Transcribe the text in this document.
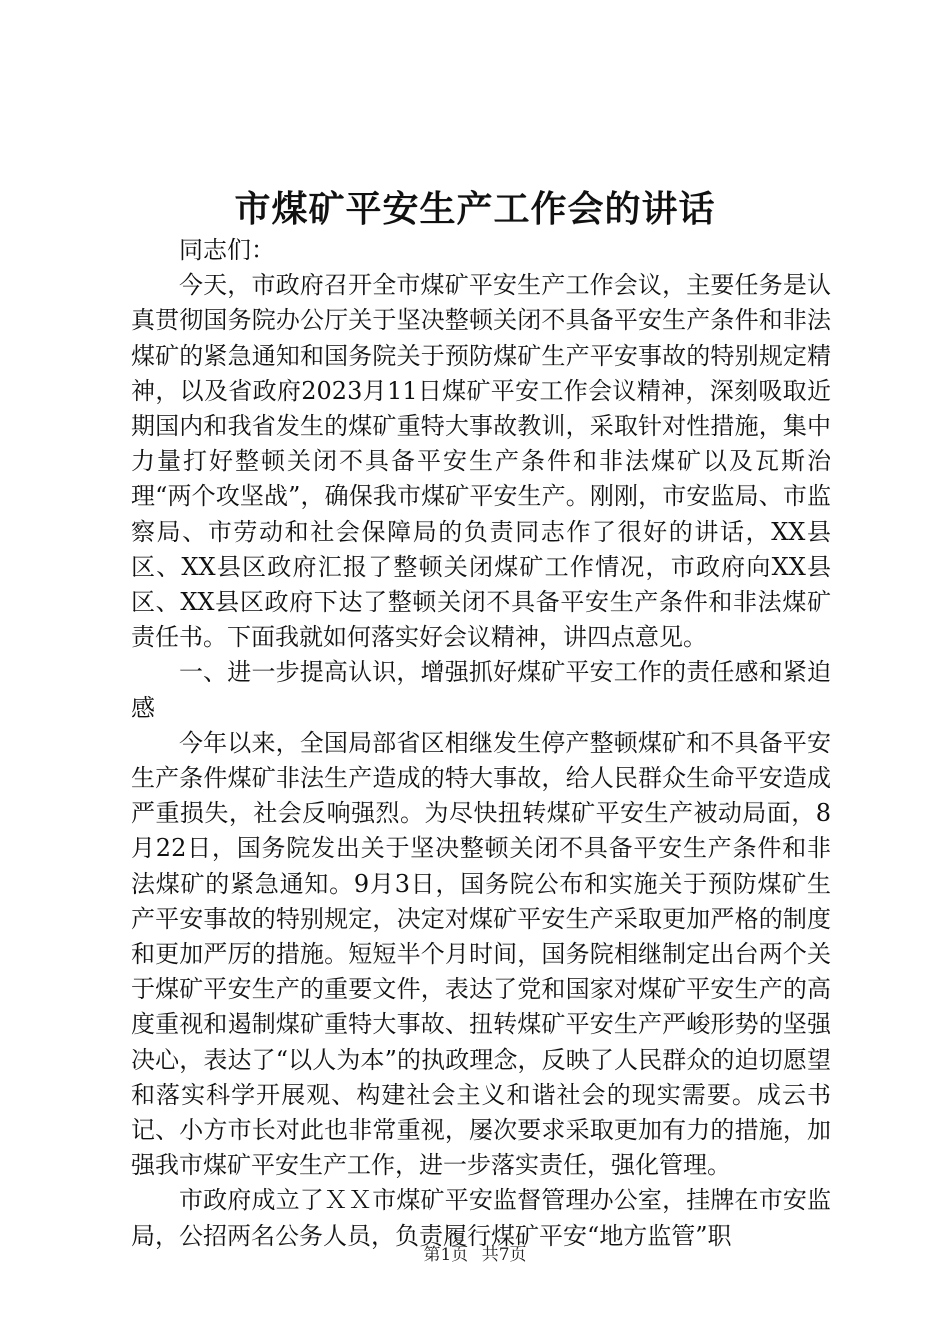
市煤矿平安生产工作会的讲话

同志们：

今天，市政府召开全市煤矿平安生产工作会议，主要任务是认真贯彻国务院办公厅关于坚决整顿关闭不具备平安生产条件和非法煤矿的紧急通知和国务院关于预防煤矿生产平安事故的特别规定精神，以及省政府2023月11日煤矿平安工作会议精神，深刻吸取近期国内和我省发生的煤矿重特大事故教训，采取针对性措施，集中力量打好整顿关闭不具备平安生产条件和非法煤矿以及瓦斯治理“两个攻坚战”，确保我市煤矿平安生产。刚刚，市安监局、市监察局、市劳动和社会保障局的负责同志作了很好的讲话，XX县区、XX县区政府汇报了整顿关闭煤矿工作情况，市政府向XX县区、XX县区政府下达了整顿关闭不具备平安生产条件和非法煤矿责任书。下面我就如何落实好会议精神，讲四点意见。

一、进一步提高认识，增强抓好煤矿平安工作的责任感和紧迫感

今年以来，全国局部省区相继发生停产整顿煤矿和不具备平安生产条件煤矿非法生产造成的特大事故，给人民群众生命平安造成严重损失，社会反响强烈。为尽快扭转煤矿平安生产被动局面，8月22日，国务院发出关于坚决整顿关闭不具备平安生产条件和非法煤矿的紧急通知。9月3日，国务院公布和实施关于预防煤矿生产平安事故的特别规定，决定对煤矿平安生产采取更加严格的制度和更加严厉的措施。短短半个月时间，国务院相继制定出台两个关于煤矿平安生产的重要文件，表达了党和国家对煤矿平安生产的高度重视和遏制煤矿重特大事故、扭转煤矿平安生产严峻形势的坚强决心，表达了“以人为本”的执政理念，反映了人民群众的迫切愿望和落实科学开展观、构建社会主义和谐社会的现实需要。成云书记、小方市长对此也非常重视，屡次要求采取更加有力的措施，加强我市煤矿平安生产工作，进一步落实责任，强化管理。

市政府成立了ＸＸ市煤矿平安监督管理办公室，挂牌在市安监局，公招两名公务人员，负责履行煤矿平安“地方监管”职

第1页 共7页
